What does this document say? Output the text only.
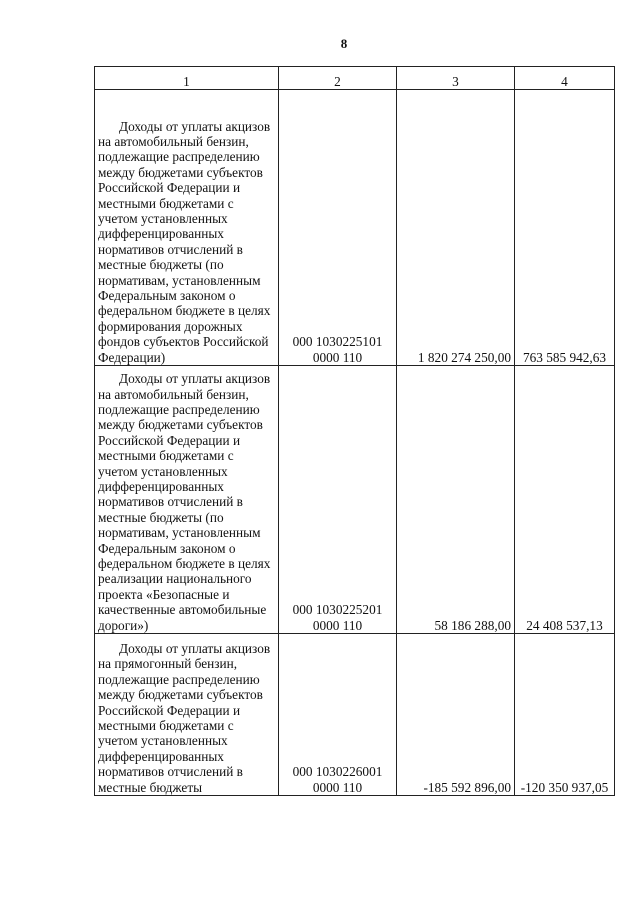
8
1	2	3	4

Доходы от уплаты акцизов на автомобильный бензин, подлежащие распределению между бюджетами субъектов Российской Федерации и местными бюджетами с учетом установленных дифференцированных нормативов отчислений в местные бюджеты (по нормативам, установленным Федеральным законом о федеральном бюджете в целях формирования дорожных фондов субъектов Российской Федерации)	000 1030225101
0000 110	1 820 274 250,00	763 585 942,63

Доходы от уплаты акцизов на автомобильный бензин, подлежащие распределению между бюджетами субъектов Российской Федерации и местными бюджетами с учетом установленных дифференцированных нормативов отчислений в местные бюджеты (по нормативам, установленным Федеральным законом о федеральном бюджете в целях реализации национального проекта «Безопасные и качественные автомобильные дороги»)	000 1030225201
0000 110	58 186 288,00	24 408 537,13

Доходы от уплаты акцизов на прямогонный бензин, подлежащие распределению между бюджетами субъектов Российской Федерации и местными бюджетами с учетом установленных дифференцированных нормативов отчислений в местные бюджеты	000 1030226001
0000 110	-185 592 896,00	-120 350 937,05
